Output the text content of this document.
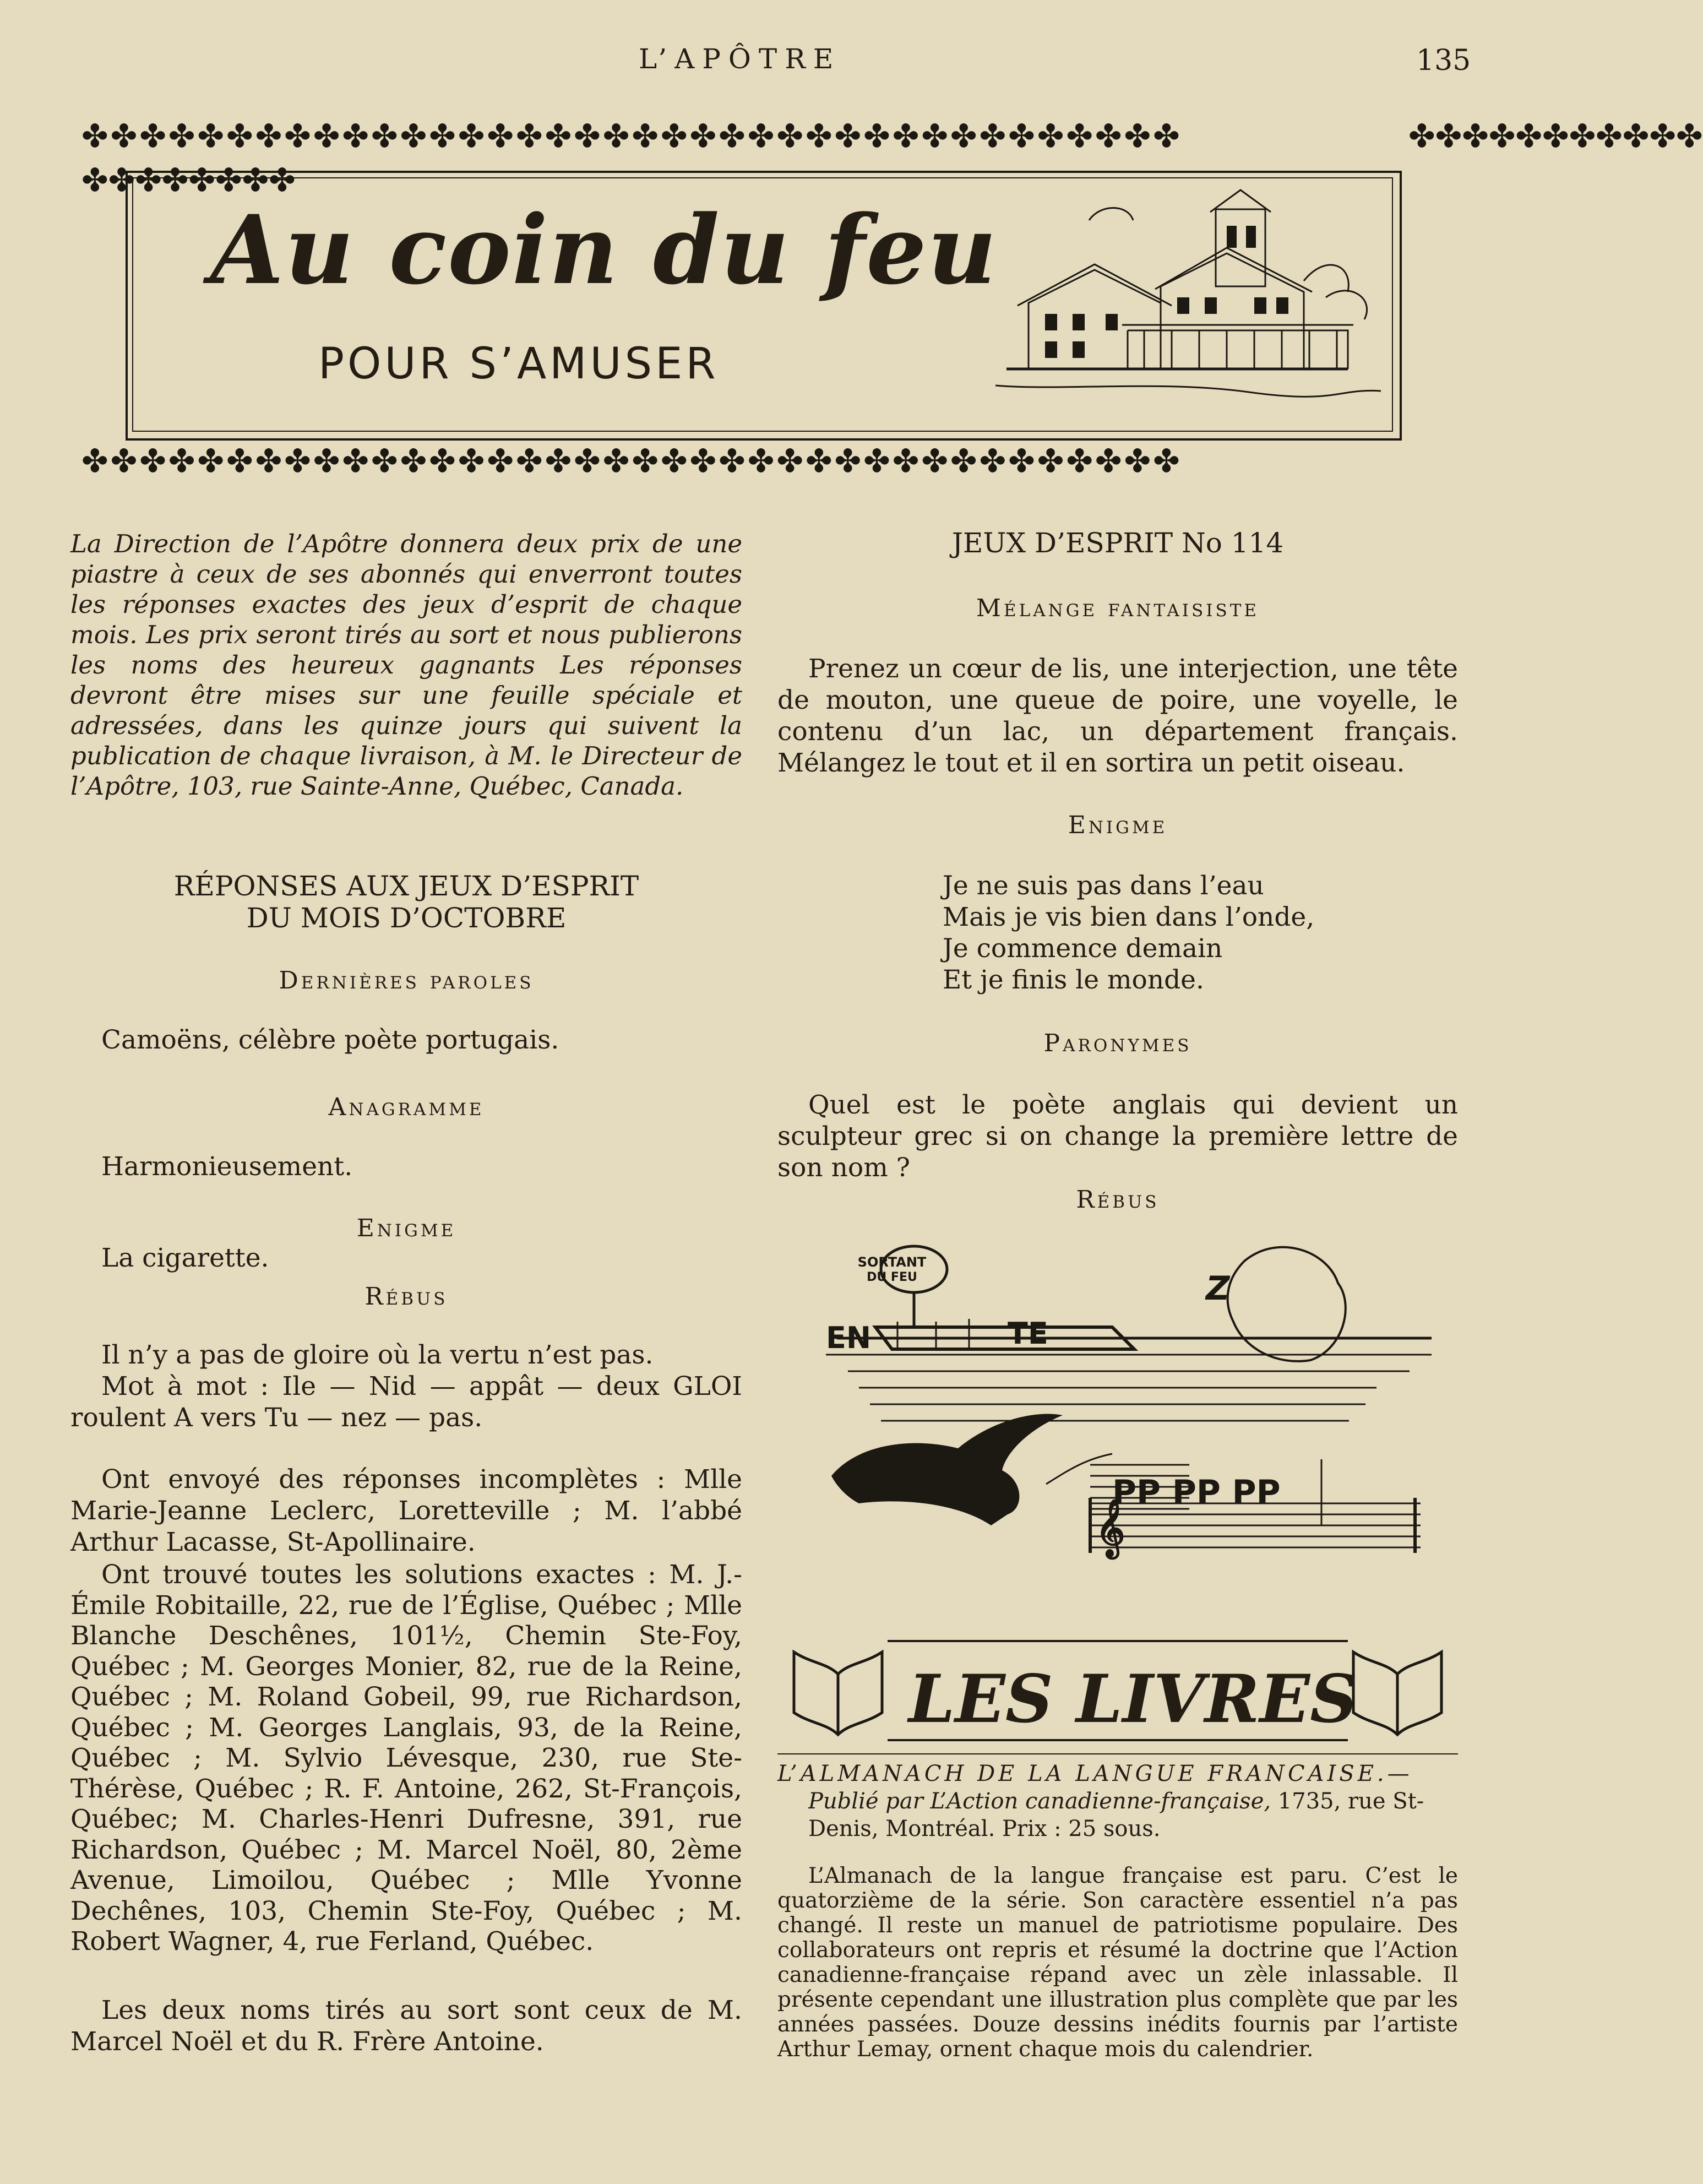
L’APÔTRE	135
✤✤✤✤✤✤✤✤✤✤✤✤✤✤✤✤✤✤✤✤✤✤✤✤✤✤✤✤✤✤✤✤✤✤✤✤✤✤
✤✤✤✤✤✤✤✤✤✤✤✤✤✤✤✤✤✤✤✤✤✤✤✤✤✤✤✤✤✤✤✤✤✤✤✤✤✤
✤✤✤✤✤✤✤✤
✤✤✤✤✤✤✤✤✤✤✤
Au coin du feu
POUR S’AMUSER
La Direction de l’Apôtre donnera deux prix de une piastre à ceux de ses abonnés qui enverront toutes les réponses exactes des jeux d’esprit de chaque mois. Les prix seront tirés au sort et nous publierons les noms des heureux gagnants Les réponses devront être mises sur une feuille spéciale et adressées, dans les quinze jours qui suivent la publication de chaque livraison, à M. le Directeur de l’Apôtre, 103, rue Sainte-Anne, Québec, Canada.
RÉPONSES AUX JEUX D’ESPRIT
DU MOIS D’OCTOBRE
Dernières paroles
Camoëns, célèbre poète portugais.
Anagramme
Harmonieusement.
Enigme
La cigarette.
Rébus
Il n’y a pas de gloire où la vertu n’est pas.
Mot à mot : Ile — Nid — appât — deux GLOI roulent A vers Tu — nez — pas.
Ont envoyé des réponses incomplètes : Mlle Marie-Jeanne Leclerc, Loretteville ; M. l’abbé Arthur Lacasse, St-Apollinaire.
Ont trouvé toutes les solutions exactes : M. J.-Émile Robitaille, 22, rue de l’Église, Québec ; Mlle Blanche Deschênes, 101½, Chemin Ste-Foy, Québec ; M. Georges Monier, 82, rue de la Reine, Québec ; M. Roland Gobeil, 99, rue Richardson, Québec ; M. Georges Langlais, 93, de la Reine, Québec ; M. Sylvio Lévesque, 230, rue Ste-Thérèse, Québec ; R. F. Antoine, 262, St-François, Québec; M. Charles-Henri Dufresne, 391, rue Richardson, Québec ; M. Marcel Noël, 80, 2ème Avenue, Limoilou, Québec ; Mlle Yvonne Dechênes, 103, Chemin Ste-Foy, Québec ; M. Robert Wagner, 4, rue Ferland, Québec.
Les deux noms tirés au sort sont ceux de M. Marcel Noël et du R. Frère Antoine.
JEUX D’ESPRIT No 114
Mélange fantaisiste
Prenez un cœur de lis, une interjection, une tête de mouton, une queue de poire, une voyelle, le contenu d’un lac, un département français. Mélangez le tout et il en sortira un petit oiseau.
Enigme
Je ne suis pas dans l’eau
Mais je vis bien dans l’onde,
Je commence demain
Et je finis le monde.
Paronymes
Quel est le poète anglais qui devient un sculpteur grec si on change la première lettre de son nom ?
Rébus
SORTANT
DU FEU
EN	TE
Z
PP PP PP
𝄞
LES LIVRES
L’ALMANACH DE LA LANGUE FRANCAISE.—
Publié par L’Action canadienne-française, 1735, rue St-Denis, Montréal. Prix : 25 sous.
L’Almanach de la langue française est paru. C’est le quatorzième de la série. Son caractère essentiel n’a pas changé. Il reste un manuel de patriotisme populaire. Des collaborateurs ont repris et résumé la doctrine que l’Action canadienne-française répand avec un zèle inlassable. Il présente cependant une illustration plus complète que par les années passées. Douze dessins inédits fournis par l’artiste Arthur Lemay, ornent chaque mois du calendrier.
